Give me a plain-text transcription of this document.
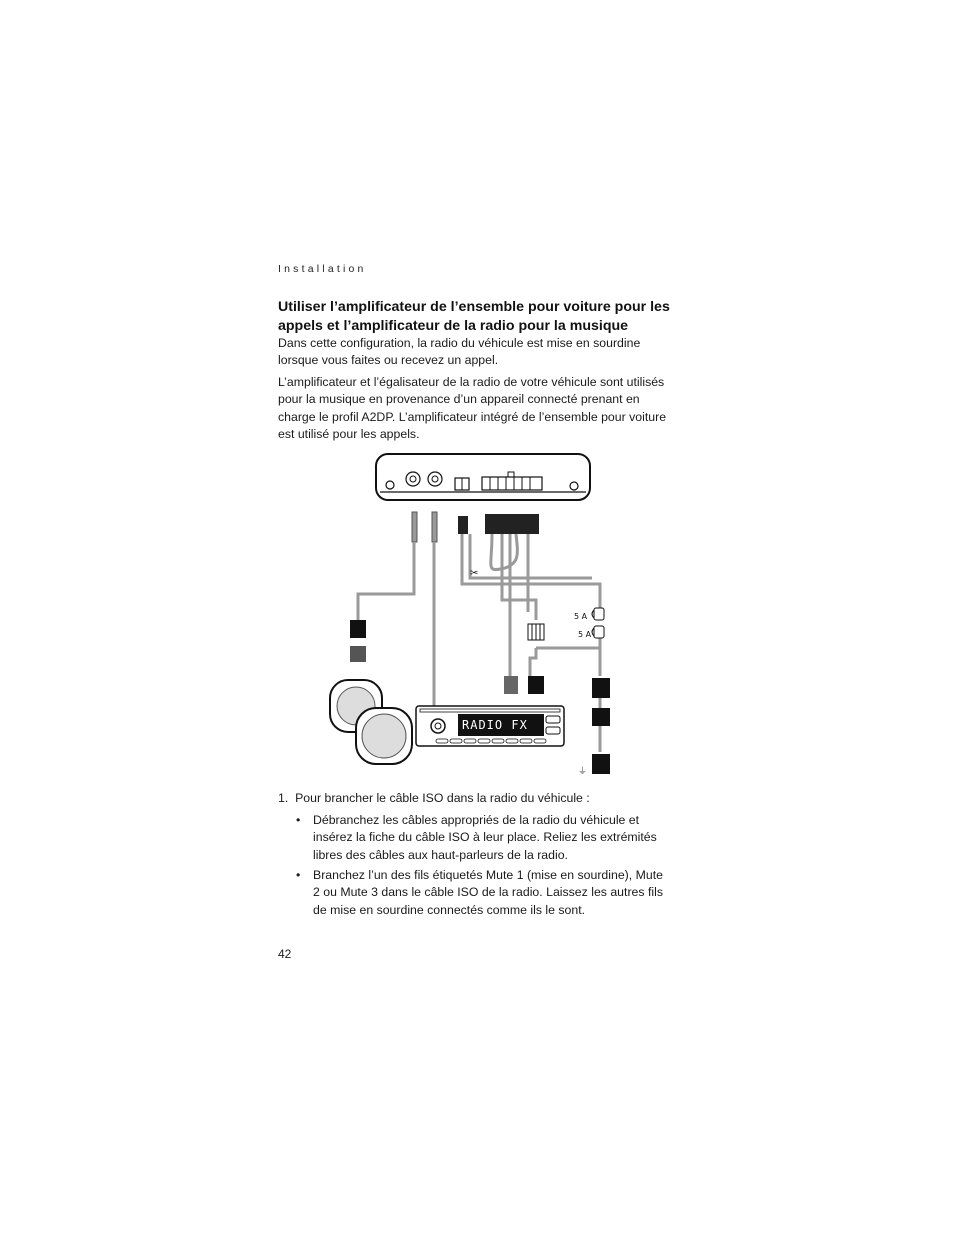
Installation
Utiliser l’amplificateur de l’ensemble pour voiture pour les appels et l’amplificateur de la radio pour la musique
Dans cette configuration, la radio du véhicule est mise en sourdine lorsque vous faites ou recevez un appel.
L’amplificateur et l’égalisateur de la radio de votre véhicule sont utilisés pour la musique en provenance d’un appareil connecté prenant en charge le profil A2DP. L’amplificateur intégré de l’ensemble pour voiture est utilisé pour les appels.
✂
5 A
5 A
⏚
RADIO FX
1. Pour brancher le câble ISO dans la radio du véhicule :
• Débranchez les câbles appropriés de la radio du véhicule et insérez la fiche du câble ISO à leur place. Reliez les extrémités libres des câbles aux haut-parleurs de la radio.
• Branchez l’un des fils étiquetés Mute 1 (mise en sourdine), Mute 2 ou Mute 3 dans le câble ISO de la radio. Laissez les autres fils de mise en sourdine connectés comme ils le sont.
42
